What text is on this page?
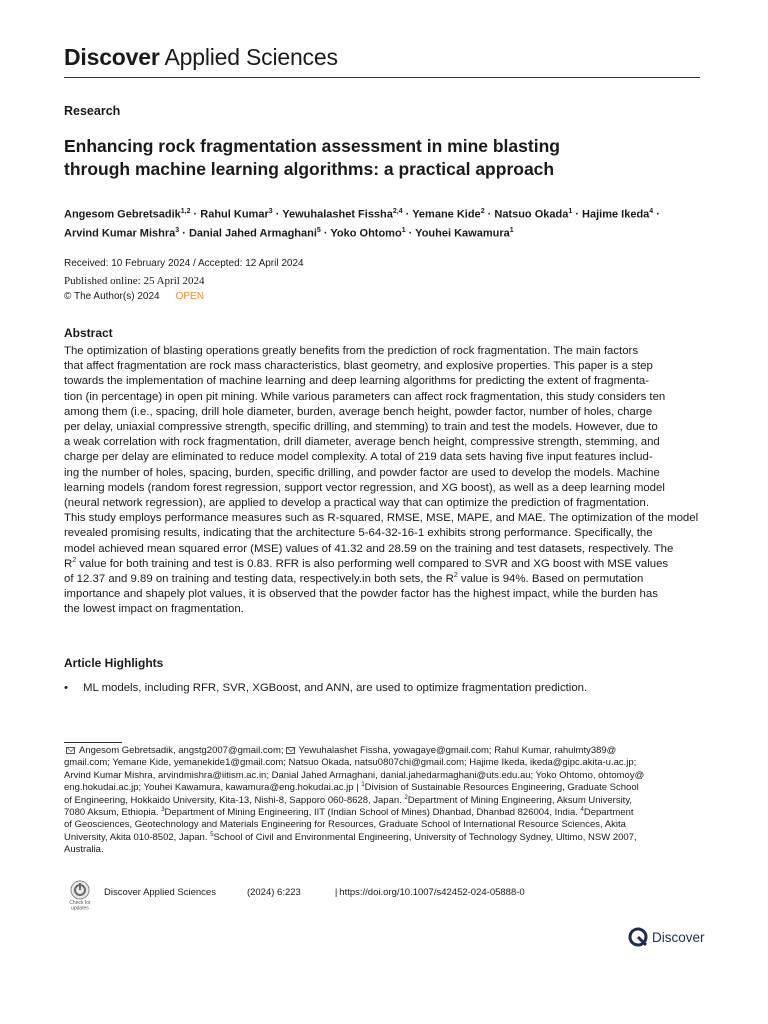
Discover Applied Sciences
Research
Enhancing rock fragmentation assessment in mine blasting
through machine learning algorithms: a practical approach
Angesom Gebretsadik$^{1,2}$ · Rahul Kumar$^3$ · Yewuhalashet Fissha$^{2,4}$ · Yemane Kide$^2$ · Natsuo Okada$^1$ · Hajime Ikeda$^4$ ·
Arvind Kumar Mishra$^3$ · Danial Jahed Armaghani$^5$ · Yoko Ohtomo$^1$ · Youhei Kawamura$^1$
Received: 10 February 2024 / Accepted: 12 April 2024
Published online: 25 April 2024
© The Author(s) 2024 OPEN
Abstract
The optimization of blasting operations greatly benefits from the prediction of rock fragmentation. The main factors
that affect fragmentation are rock mass characteristics, blast geometry, and explosive properties. This paper is a step
towards the implementation of machine learning and deep learning algorithms for predicting the extent of fragmenta-
tion (in percentage) in open pit mining. While various parameters can affect rock fragmentation, this study considers ten
among them (i.e., spacing, drill hole diameter, burden, average bench height, powder factor, number of holes, charge
per delay, uniaxial compressive strength, specific drilling, and stemming) to train and test the models. However, due to
a weak correlation with rock fragmentation, drill diameter, average bench height, compressive strength, stemming, and
charge per delay are eliminated to reduce model complexity. A total of 219 data sets having five input features includ-
ing the number of holes, spacing, burden, specific drilling, and powder factor are used to develop the models. Machine
learning models (random forest regression, support vector regression, and XG boost), as well as a deep learning model
(neural network regression), are applied to develop a practical way that can optimize the prediction of fragmentation.
This study employs performance measures such as R-squared, RMSE, MSE, MAPE, and MAE. The optimization of the model
revealed promising results, indicating that the architecture 5-64-32-16-1 exhibits strong performance. Specifically, the
model achieved mean squared error (MSE) values of 41.32 and 28.59 on the training and test datasets, respectively. The
$R^2$ value for both training and test is 0.83. RFR is also performing well compared to SVR and XG boost with MSE values
of 12.37 and 9.89 on training and testing data, respectively.in both sets, the $R^2$ value is 94%. Based on permutation
importance and shapely plot values, it is observed that the powder factor has the highest impact, while the burden has
the lowest impact on fragmentation.
Article Highlights
• ML models, including RFR, SVR, XGBoost, and ANN, are used to optimize fragmentation prediction.
Angesom Gebretsadik, angstg2007@gmail.com; Yewuhalashet Fissha, yowagaye@gmail.com; Rahul Kumar, rahulmty389@
gmail.com; Yemane Kide, yemanekide1@gmail.com; Natsuo Okada, natsu0807chi@gmail.com; Hajime Ikeda, ikeda@gipc.akita-u.ac.jp;
Arvind Kumar Mishra, arvindmishra@iitism.ac.in; Danial Jahed Armaghani, danial.jahedarmaghani@uts.edu.au; Yoko Ohtomo, ohtomoy@
eng.hokudai.ac.jp; Youhei Kawamura, kawamura@eng.hokudai.ac.jp | $^1$Division of Sustainable Resources Engineering, Graduate School
of Engineering, Hokkaido University, Kita-13, Nishi-8, Sapporo 060-8628, Japan. $^2$Department of Mining Engineering, Aksum University,
7080 Aksum, Ethiopia. $^3$Department of Mining Engineering, IIT (Indian School of Mines) Dhanbad, Dhanbad 826004, India. $^4$Department
of Geosciences, Geotechnology and Materials Engineering for Resources, Graduate School of International Resource Sciences, Akita
University, Akita 010-8502, Japan. $^5$School of Civil and Environmental Engineering, University of Technology Sydney, Ultimo, NSW 2007,
Australia.
Check for
updates
Discover Applied Sciences	(2024) 6:223	| https://doi.org/10.1007/s42452-024-05888-0
Discover
